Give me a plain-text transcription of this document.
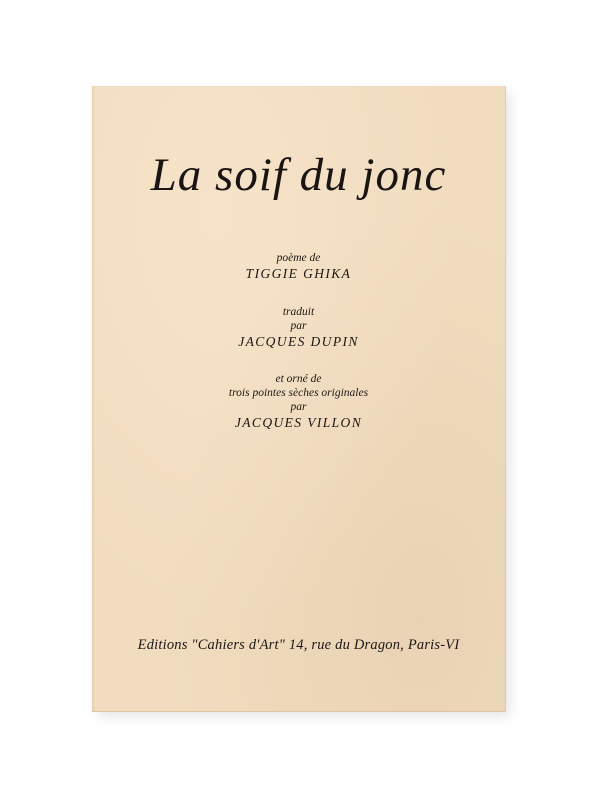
La soif du jonc
poème de
TIGGIE GHIKA
traduit
par
JACQUES DUPIN
et orné de
trois pointes sèches originales
par
JACQUES VILLON
Editions "Cahiers d'Art" 14, rue du Dragon, Paris-VI
